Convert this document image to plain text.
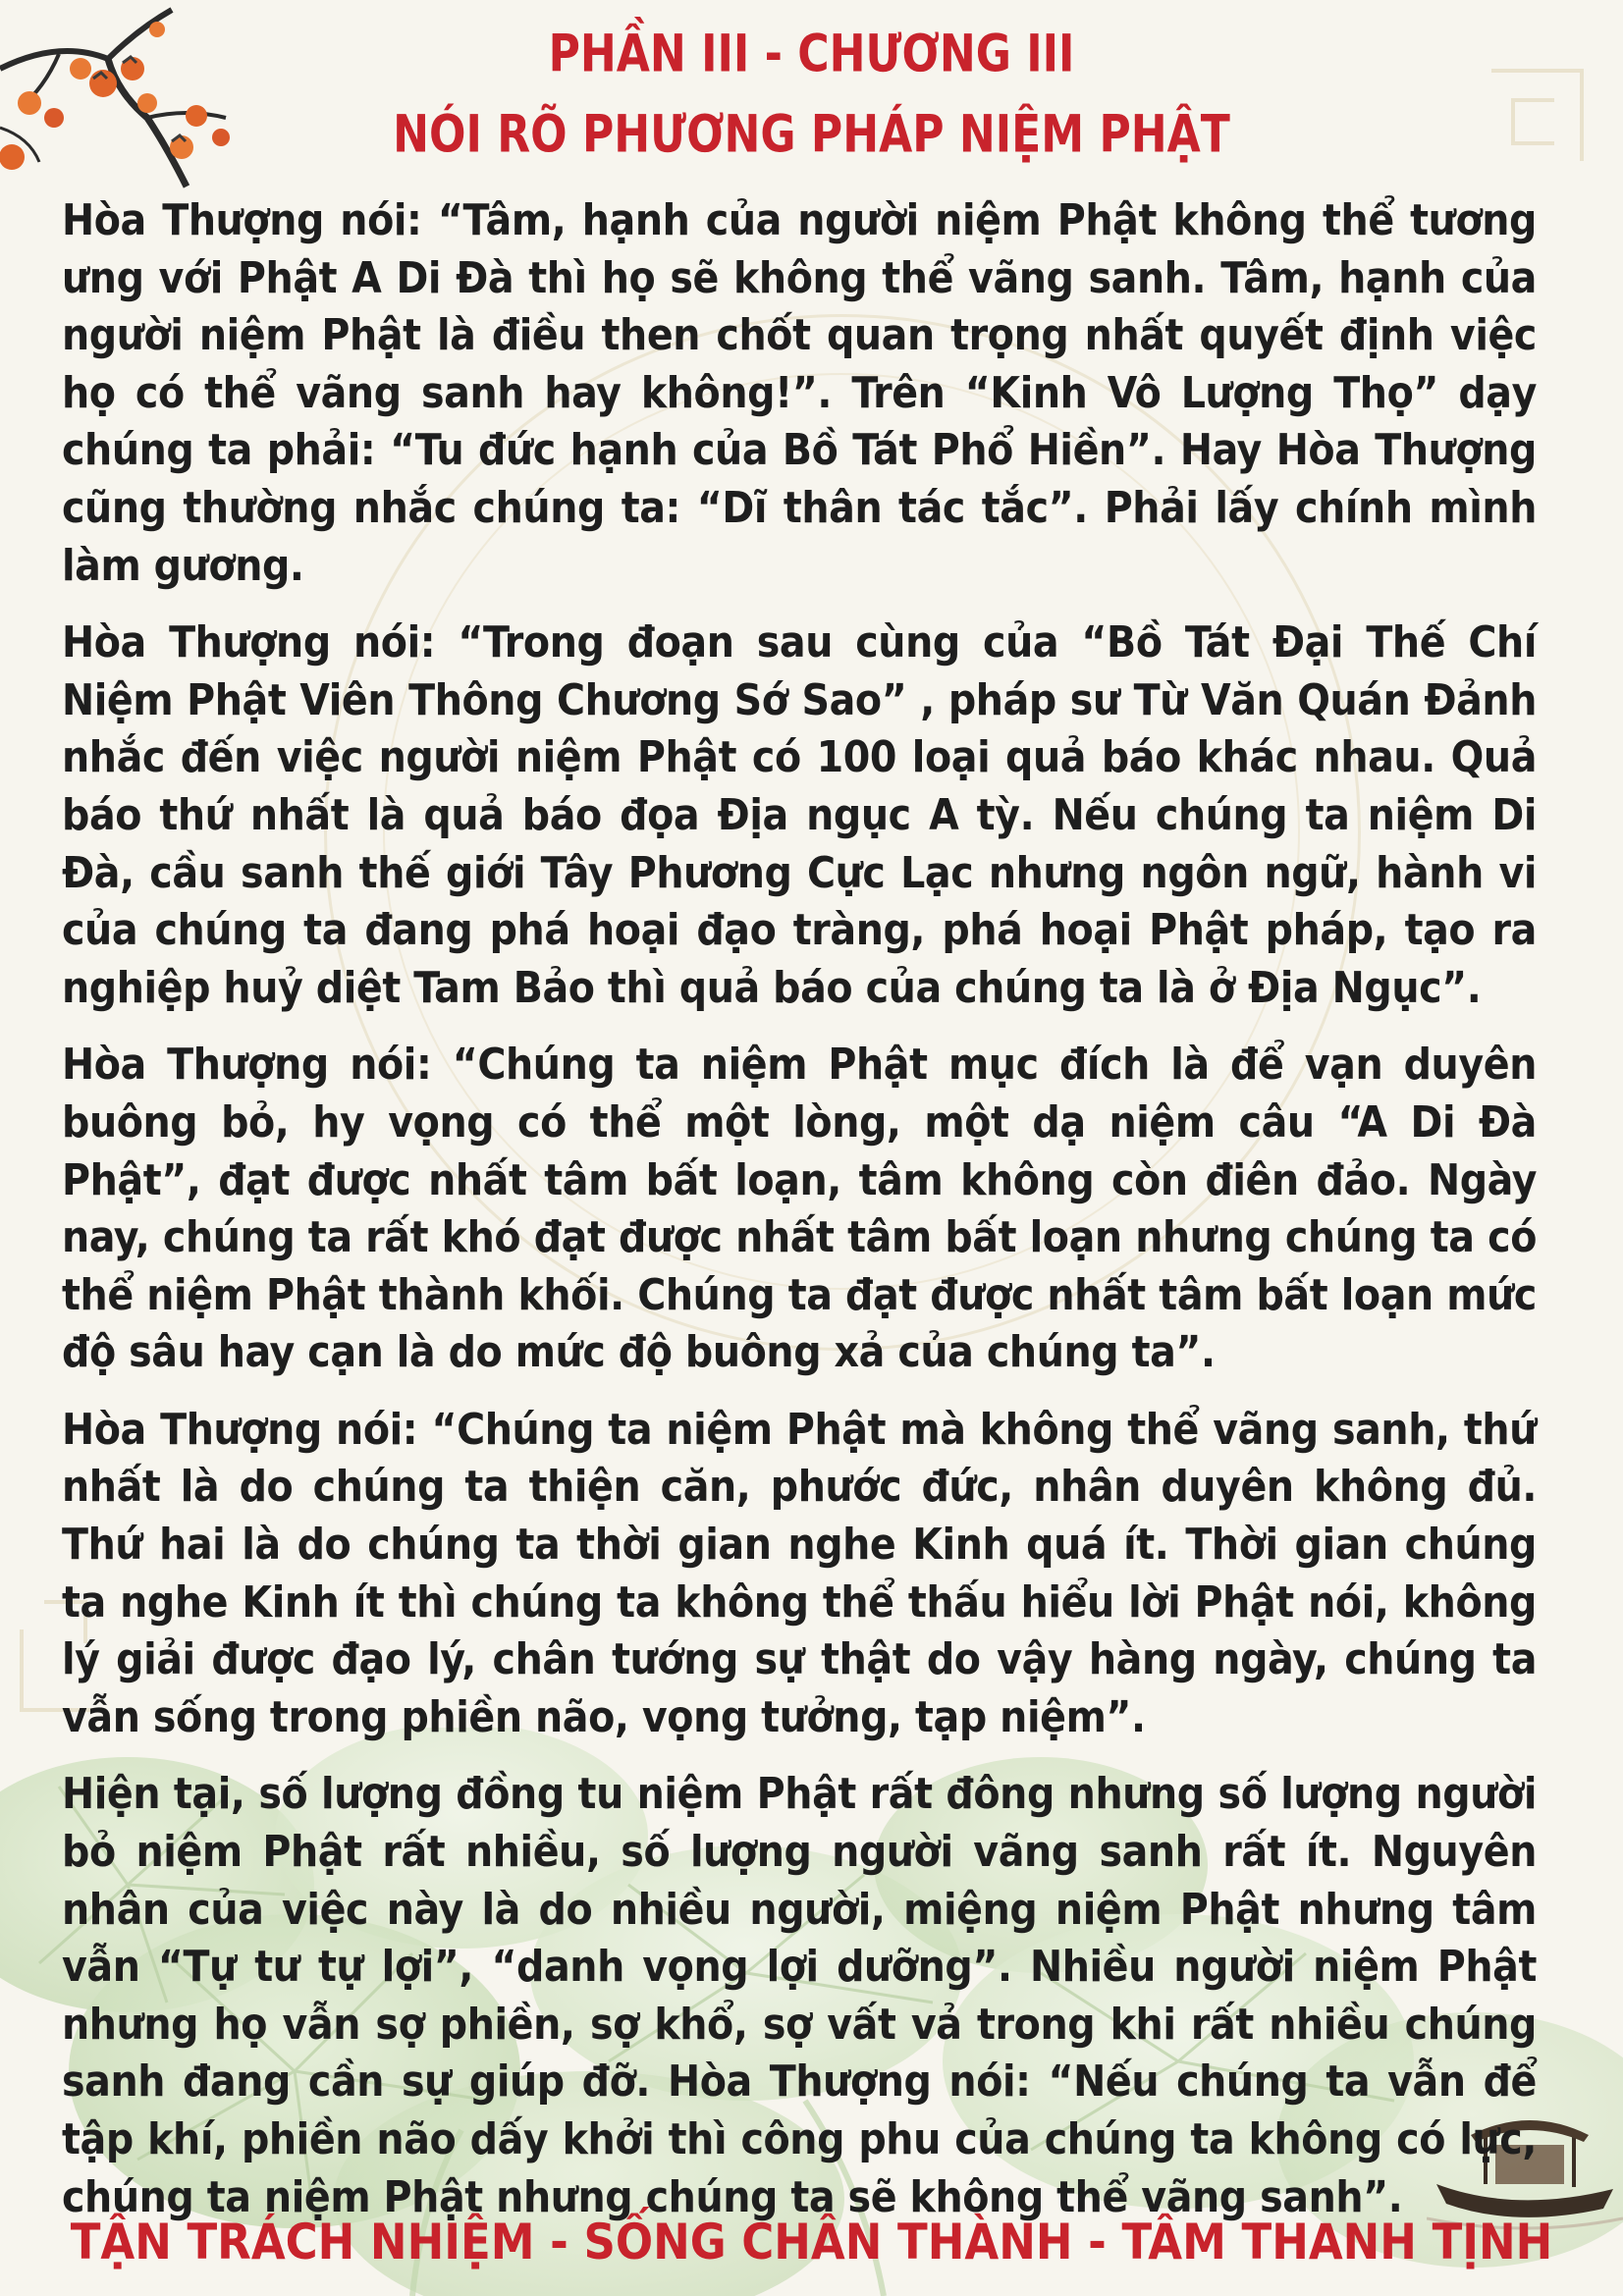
PHẦN III - CHƯƠNG III
NÓI RÕ PHƯƠNG PHÁP NIỆM PHẬT

Hòa Thượng nói: “Tâm, hạnh của người niệm Phật không thể tương ưng với Phật A Di Đà thì họ sẽ không thể vãng sanh. Tâm, hạnh của người niệm Phật là điều then chốt quan trọng nhất quyết định việc họ có thể vãng sanh hay không!”. Trên “Kinh Vô Lượng Thọ” dạy chúng ta phải: “Tu đức hạnh của Bồ Tát Phổ Hiền”. Hay Hòa Thượng cũng thường nhắc chúng ta: “Dĩ thân tác tắc”. Phải lấy chính mình làm gương.

Hòa Thượng nói: “Trong đoạn sau cùng của “Bồ Tát Đại Thế Chí Niệm Phật Viên Thông Chương Sớ Sao” , pháp sư Từ Văn Quán Đảnh nhắc đến việc người niệm Phật có 100 loại quả báo khác nhau. Quả báo thứ nhất là quả báo đọa Địa ngục A tỳ. Nếu chúng ta niệm Di Đà, cầu sanh thế giới Tây Phương Cực Lạc nhưng ngôn ngữ, hành vi của chúng ta đang phá hoại đạo tràng, phá hoại Phật pháp, tạo ra nghiệp huỷ diệt Tam Bảo thì quả báo của chúng ta là ở Địa Ngục”.

Hòa Thượng nói: “Chúng ta niệm Phật mục đích là để vạn duyên buông bỏ, hy vọng có thể một lòng, một dạ niệm câu “A Di Đà Phật”, đạt được nhất tâm bất loạn, tâm không còn điên đảo. Ngày nay, chúng ta rất khó đạt được nhất tâm bất loạn nhưng chúng ta có thể niệm Phật thành khối. Chúng ta đạt được nhất tâm bất loạn mức độ sâu hay cạn là do mức độ buông xả của chúng ta”.

Hòa Thượng nói: “Chúng ta niệm Phật mà không thể vãng sanh, thứ nhất là do chúng ta thiện căn, phước đức, nhân duyên không đủ. Thứ hai là do chúng ta thời gian nghe Kinh quá ít. Thời gian chúng ta nghe Kinh ít thì chúng ta không thể thấu hiểu lời Phật nói, không lý giải được đạo lý, chân tướng sự thật do vậy hàng ngày, chúng ta vẫn sống trong phiền não, vọng tưởng, tạp niệm”.

Hiện tại, số lượng đồng tu niệm Phật rất đông nhưng số lượng người bỏ niệm Phật rất nhiều, số lượng người vãng sanh rất ít. Nguyên nhân của việc này là do nhiều người, miệng niệm Phật nhưng tâm vẫn “Tự tư tự lợi”, “danh vọng lợi dưỡng”. Nhiều người niệm Phật nhưng họ vẫn sợ phiền, sợ khổ, sợ vất vả trong khi rất nhiều chúng sanh đang cần sự giúp đỡ. Hòa Thượng nói: “Nếu chúng ta vẫn để tập khí, phiền não dấy khởi thì công phu của chúng ta không có lực, chúng ta niệm Phật nhưng chúng ta sẽ không thể vãng sanh”.

TẬN TRÁCH NHIỆM - SỐNG CHÂN THÀNH - TÂM THANH TỊNH
